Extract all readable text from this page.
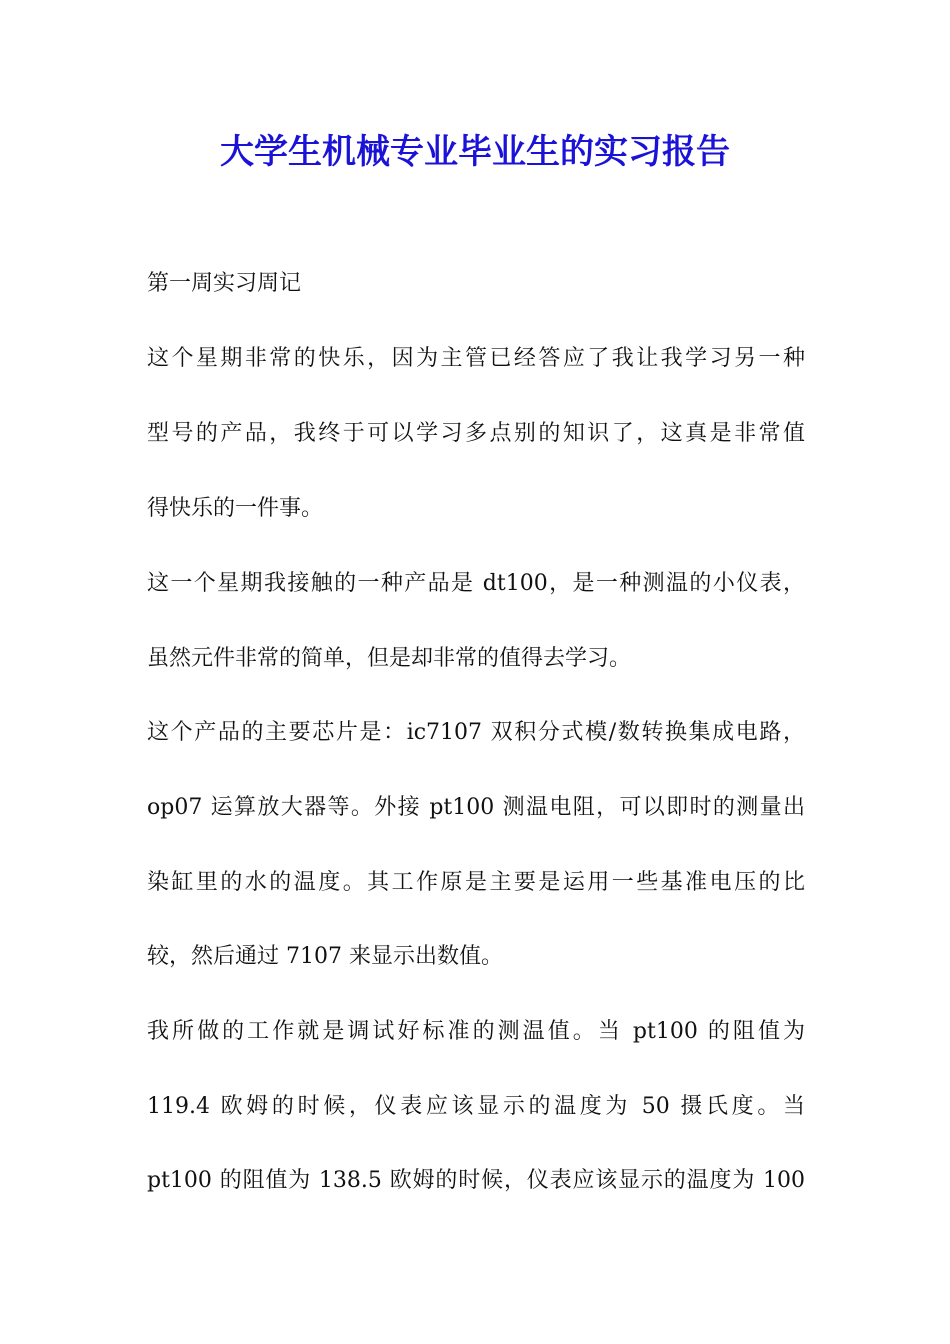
大学生机械专业毕业生的实习报告

第一周实习周记

这个星期非常的快乐，因为主管已经答应了我让我学习另一种

型号的产品，我终于可以学习多点别的知识了，这真是非常值

得快乐的一件事。

这一个星期我接触的一种产品是 dt100，是一种测温的小仪表，

虽然元件非常的简单，但是却非常的值得去学习。

这个产品的主要芯片是：ic7107 双积分式模/数转换集成电路，

op07 运算放大器等。外接 pt100 测温电阻，可以即时的测量出

染缸里的水的温度。其工作原是主要是运用一些基准电压的比

较，然后通过 7107 来显示出数值。

我所做的工作就是调试好标准的测温值。当 pt100 的阻值为

119.4 欧姆的时候，仪表应该显示的温度为 50 摄氏度。当

pt100 的阻值为 138.5 欧姆的时候，仪表应该显示的温度为 100
